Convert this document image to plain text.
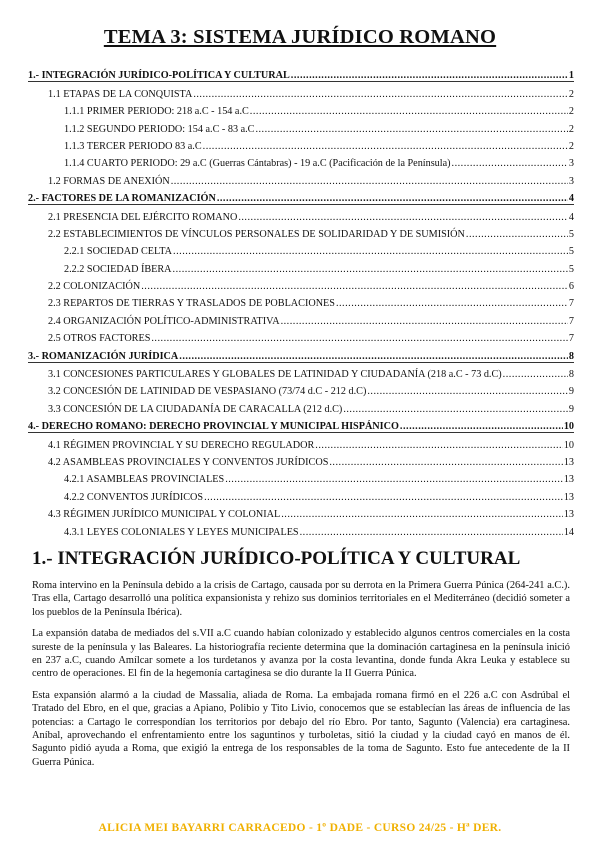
TEMA 3: SISTEMA JURÍDICO ROMANO
1.- INTEGRACIÓN JURÍDICO-POLÍTICA Y CULTURAL .....	1
1.1 ETAPAS DE LA CONQUISTA .....	2
1.1.1 PRIMER PERIODO: 218 a.C - 154 a.C .....	2
1.1.2 SEGUNDO PERIODO: 154 a.C - 83 a.C .....	2
1.1.3 TERCER PERIODO 83 a.C .....	2
1.1.4 CUARTO PERIODO: 29 a.C (Guerras Cántabras) - 19 a.C (Pacificación de la Península) .....	3
1.2 FORMAS DE ANEXIÓN .....	3
2.- FACTORES DE LA ROMANIZACIÓN .....	4
2.1 PRESENCIA DEL EJÉRCITO ROMANO .....	4
2.2 ESTABLECIMIENTOS DE VÍNCULOS PERSONALES DE SOLIDARIDAD Y DE SUMISIÓN .....	5
2.2.1 SOCIEDAD CELTA .....	5
2.2.2 SOCIEDAD ÍBERA .....	5
2.2 COLONIZACIÓN .....	6
2.3 REPARTOS DE TIERRAS Y TRASLADOS DE POBLACIONES .....	7
2.4 ORGANIZACIÓN POLÍTICO-ADMINISTRATIVA .....	7
2.5 OTROS FACTORES .....	7
3.- ROMANIZACIÓN JURÍDICA .....	8
3.1 CONCESIONES PARTICULARES Y GLOBALES DE LATINIDAD Y CIUDADANÍA (218 a.C - 73 d.C) .....	8
3.2 CONCESIÓN DE LATINIDAD DE VESPASIANO (73/74 d.C - 212 d.C) .....	9
3.3 CONCESIÓN DE LA CIUDADANÍA DE CARACALLA (212 d.C) .....	9
4.- DERECHO ROMANO: DERECHO PROVINCIAL Y MUNICIPAL HISPÁNICO .....	10
4.1 RÉGIMEN PROVINCIAL Y SU DERECHO REGULADOR .....	10
4.2 ASAMBLEAS PROVINCIALES Y CONVENTOS JURÍDICOS .....	13
4.2.1 ASAMBLEAS PROVINCIALES .....	13
4.2.2 CONVENTOS JURÍDICOS .....	13
4.3 RÉGIMEN JURÍDICO MUNICIPAL Y COLONIAL .....	13
4.3.1 LEYES COLONIALES Y LEYES MUNICIPALES .....	14
1.- INTEGRACIÓN JURÍDICO-POLÍTICA Y CULTURAL

Roma intervino en la Península debido a la crisis de Cartago, causada por su derrota en la Primera Guerra Púnica (264-241 a.C.). Tras ella, Cartago desarrolló una política expansionista y rehizo sus dominios territoriales en el Mediterráneo (decidió someter a los pueblos de la Península Ibérica).

La expansión databa de mediados del s.VII a.C cuando habían colonizado y establecido algunos centros comerciales en la costa sureste de la península y las Baleares. La historiografía reciente determina que la dominación cartaginesa en la península inició en 237 a.C, cuando Amílcar somete a los turdetanos y avanza por la costa levantina, donde funda Akra Leuka y establece su centro de operaciones. El fin de la hegemonía cartaginesa se dio durante la II Guerra Púnica.

Esta expansión alarmó a la ciudad de Massalia, aliada de Roma. La embajada romana firmó en el 226 a.C con Asdrúbal el Tratado del Ebro, en el que, gracias a Apiano, Polibio y Tito Livio, conocemos que se establecían las áreas de influencia de las potencias: a Cartago le correspondían los territorios por debajo del río Ebro. Por tanto, Sagunto (Valencia) era cartaginesa. Aníbal, aprovechando el enfrentamiento entre los saguntinos y turboletas, sitió la ciudad y la ciudad cayó en manos de él. Sagunto pidió ayuda a Roma, que exigió la entrega de los responsables de la toma de Sagunto. Esto fue antecedente de la II Guerra Púnica.

ALICIA MEI BAYARRI CARRACEDO - 1º DADE - CURSO 24/25 - Hª DER.
